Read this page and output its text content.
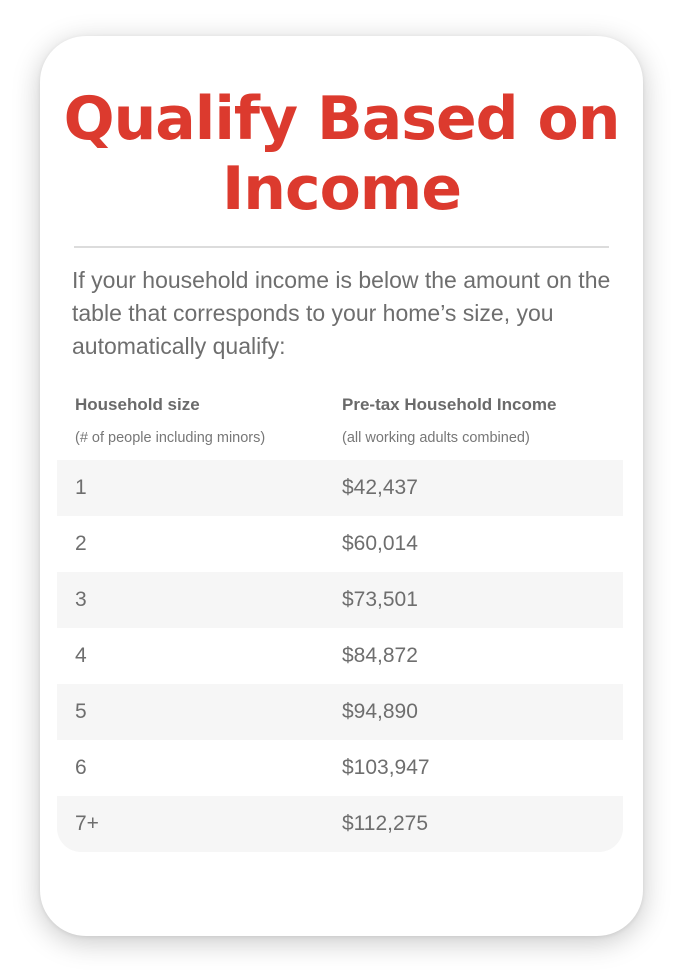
Qualify Based on Income

If your household income is below the amount on the table that corresponds to your home’s size, you automatically qualify:

Household size	Pre-tax Household Income
(# of people including minors)	(all working adults combined)
1	$42,437
2	$60,014
3	$73,501
4	$84,872
5	$94,890
6	$103,947
7+	$112,275
